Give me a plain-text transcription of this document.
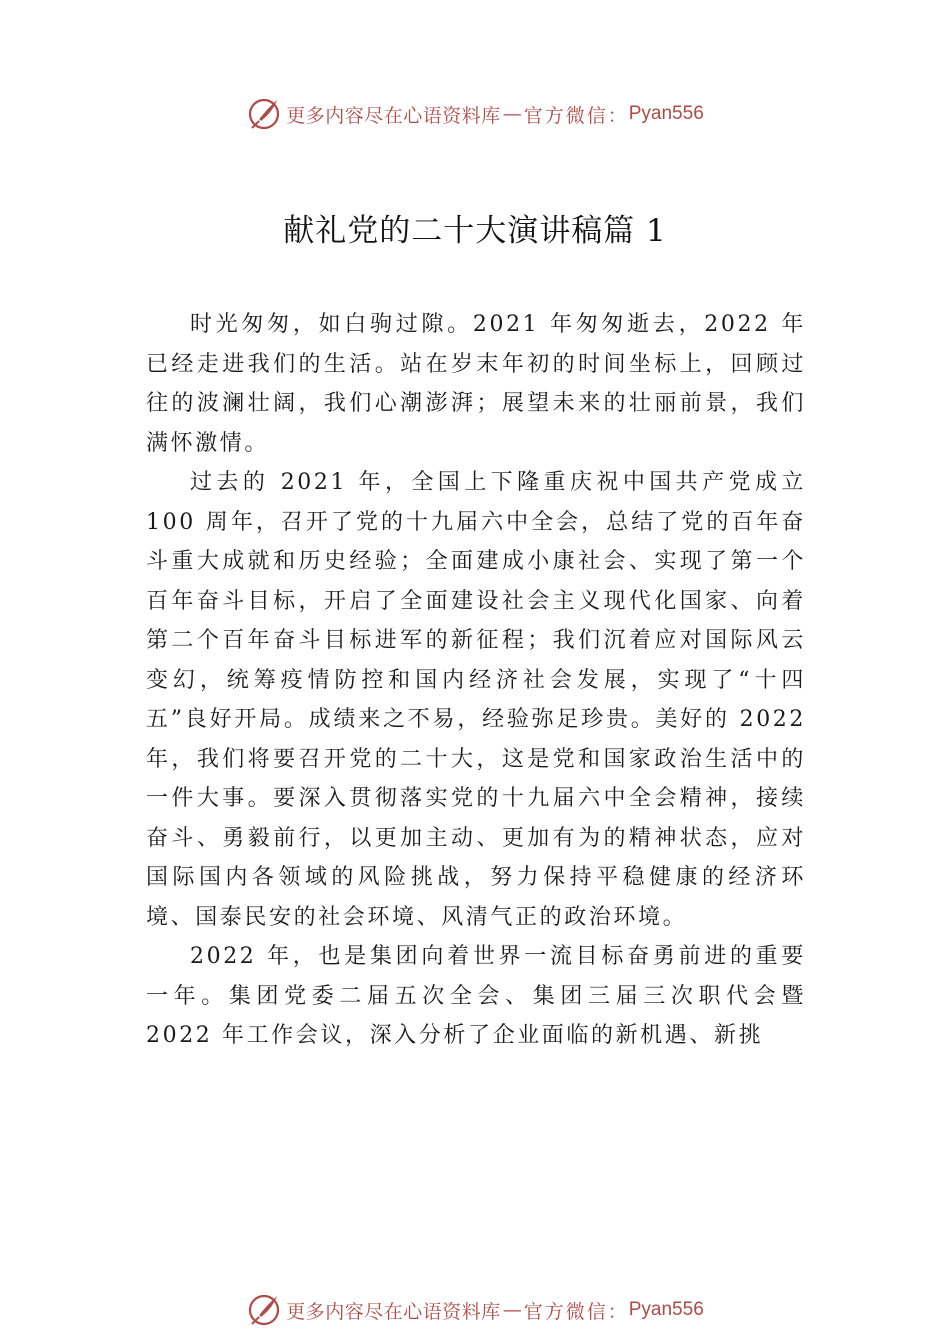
更多内容尽在心语资料库 — 官方微信： Pyan556
献礼党的二十大演讲稿篇 1

时光匆匆，如白驹过隙。2021 年匆匆逝去，2022 年已经走进我们的生活。站在岁末年初的时间坐标上，回顾过往的波澜壮阔，我们心潮澎湃；展望未来的壮丽前景，我们满怀激情。

过去的 2021 年，全国上下隆重庆祝中国共产党成立 100 周年，召开了党的十九届六中全会，总结了党的百年奋斗重大成就和历史经验；全面建成小康社会、实现了第一个百年奋斗目标，开启了全面建设社会主义现代化国家、向着第二个百年奋斗目标进军的新征程；我们沉着应对国际风云变幻，统筹疫情防控和国内经济社会发展，实现了“十四五”良好开局。成绩来之不易，经验弥足珍贵。美好的 2022 年，我们将要召开党的二十大，这是党和国家政治生活中的一件大事。要深入贯彻落实党的十九届六中全会精神，接续奋斗、勇毅前行，以更加主动、更加有为的精神状态，应对国际国内各领域的风险挑战，努力保持平稳健康的经济环境、国泰民安的社会环境、风清气正的政治环境。

2022 年，也是集团向着世界一流目标奋勇前进的重要一年。集团党委二届五次全会、集团三届三次职代会暨 2022 年工作会议，深入分析了企业面临的新机遇、新挑

更多内容尽在心语资料库 — 官方微信： Pyan556
